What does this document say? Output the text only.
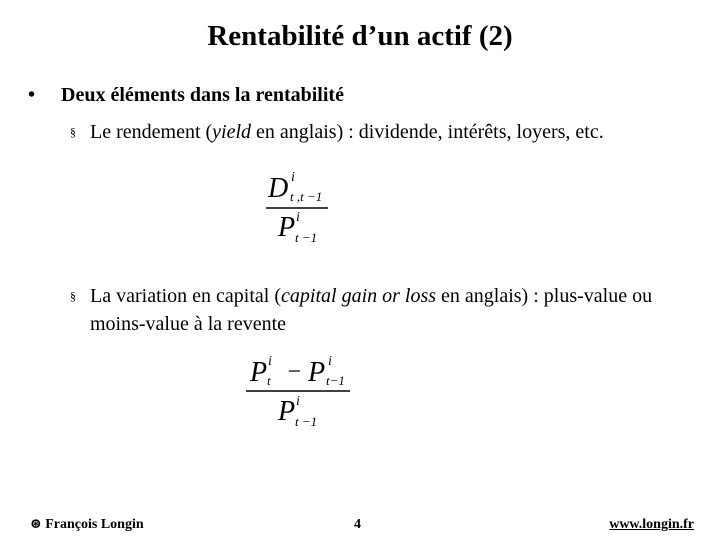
Rentabilité d’un actif (2)
•	Deux éléments dans la rentabilité
§ Le rendement (yield en anglais) : dividende, intérêts, loyers, etc.
D i
t ,t −1
P i
t −1
§ La variation en capital (capital gain or loss en anglais) : plus-value ou moins-value à la revente
P i
t − P i
t−1
P i
t −1
⊛ François Longin	4	www.longin.fr
